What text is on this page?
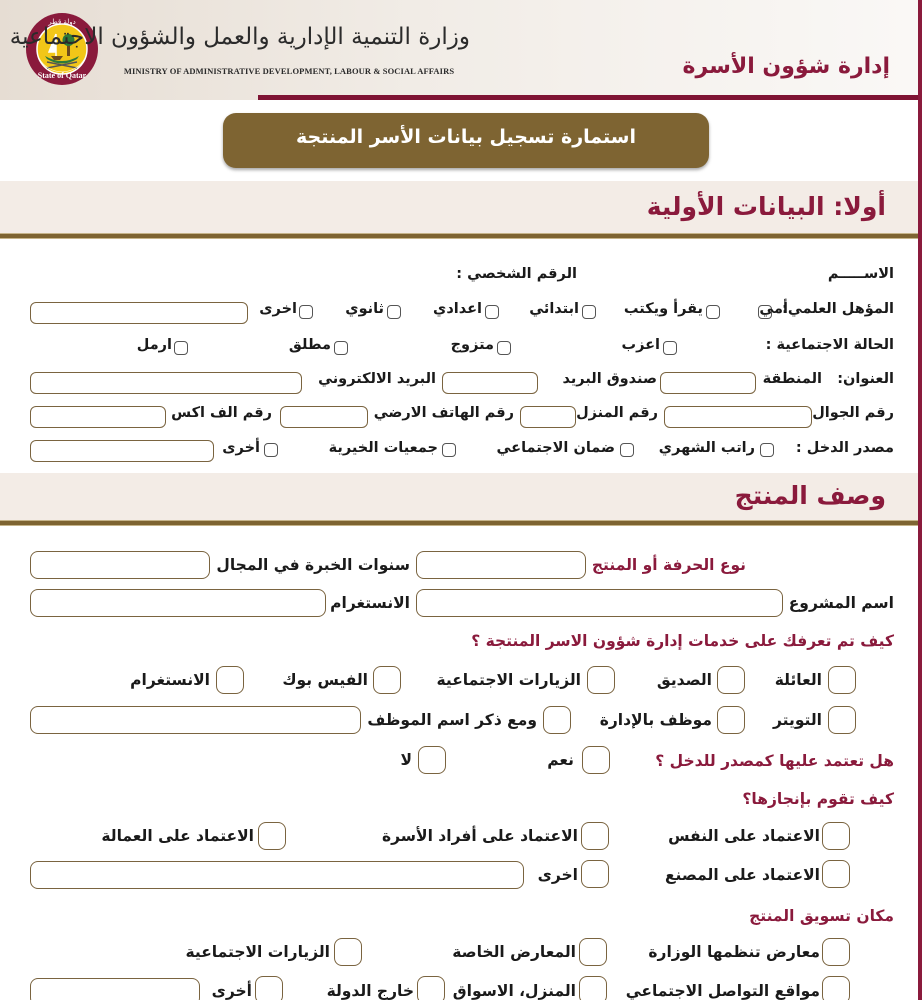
State of Qatar
دولة قطر
وزارة التنمية الإدارية والعمل والشؤون الاجتماعية
MINISTRY OF ADMINISTRATIVE DEVELOPMENT, LABOUR & SOCIAL AFFAIRS	إدارة شؤون الأسرة
استمارة تسجيل بيانات الأسر المنتجة
أولا: البيانات الأولية
الاســـــم
الرقم الشخصي :
المؤهل العلمي:
أمي
يقرأ ويكتب
ابتدائي
اعدادي
ثانوي
اخرى
الحالة الاجتماعية :
اعزب
متزوج
مطلق
ارمل
العنوان:
المنطقة
صندوق البريد
البريد الالكتروني
رقم الجوال
رقم المنزل
رقم الهاتف الارضي
رقم الف اكس
مصدر الدخل :
راتب الشهري
ضمان الاجتماعي
جمعيات الخيرية
أخرى
وصف المنتج
نوع الحرفة أو المنتج
سنوات الخبرة في المجال
اسم المشروع
الانستغرام
كيف تم تعرفك على خدمات إدارة شؤون الاسر المنتجة ؟
العائلة
الصديق
الزيارات الاجتماعية
الفيس بوك
الانستغرام
التويتر
موظف بالإدارة
ومع ذكر اسم الموظف
هل تعتمد عليها كمصدر للدخل ؟
نعم
لا
كيف تقوم بإنجازها؟
الاعتماد على النفس
الاعتماد على أفراد الأسرة
الاعتماد على العمالة
الاعتماد على المصنع
اخرى
مكان تسويق المنتج
معارض تنظمها الوزارة
المعارض الخاصة
الزيارات الاجتماعية
مواقع التواصل الاجتماعي
المنزل، الاسواق
خارج الدولة
أخرى
